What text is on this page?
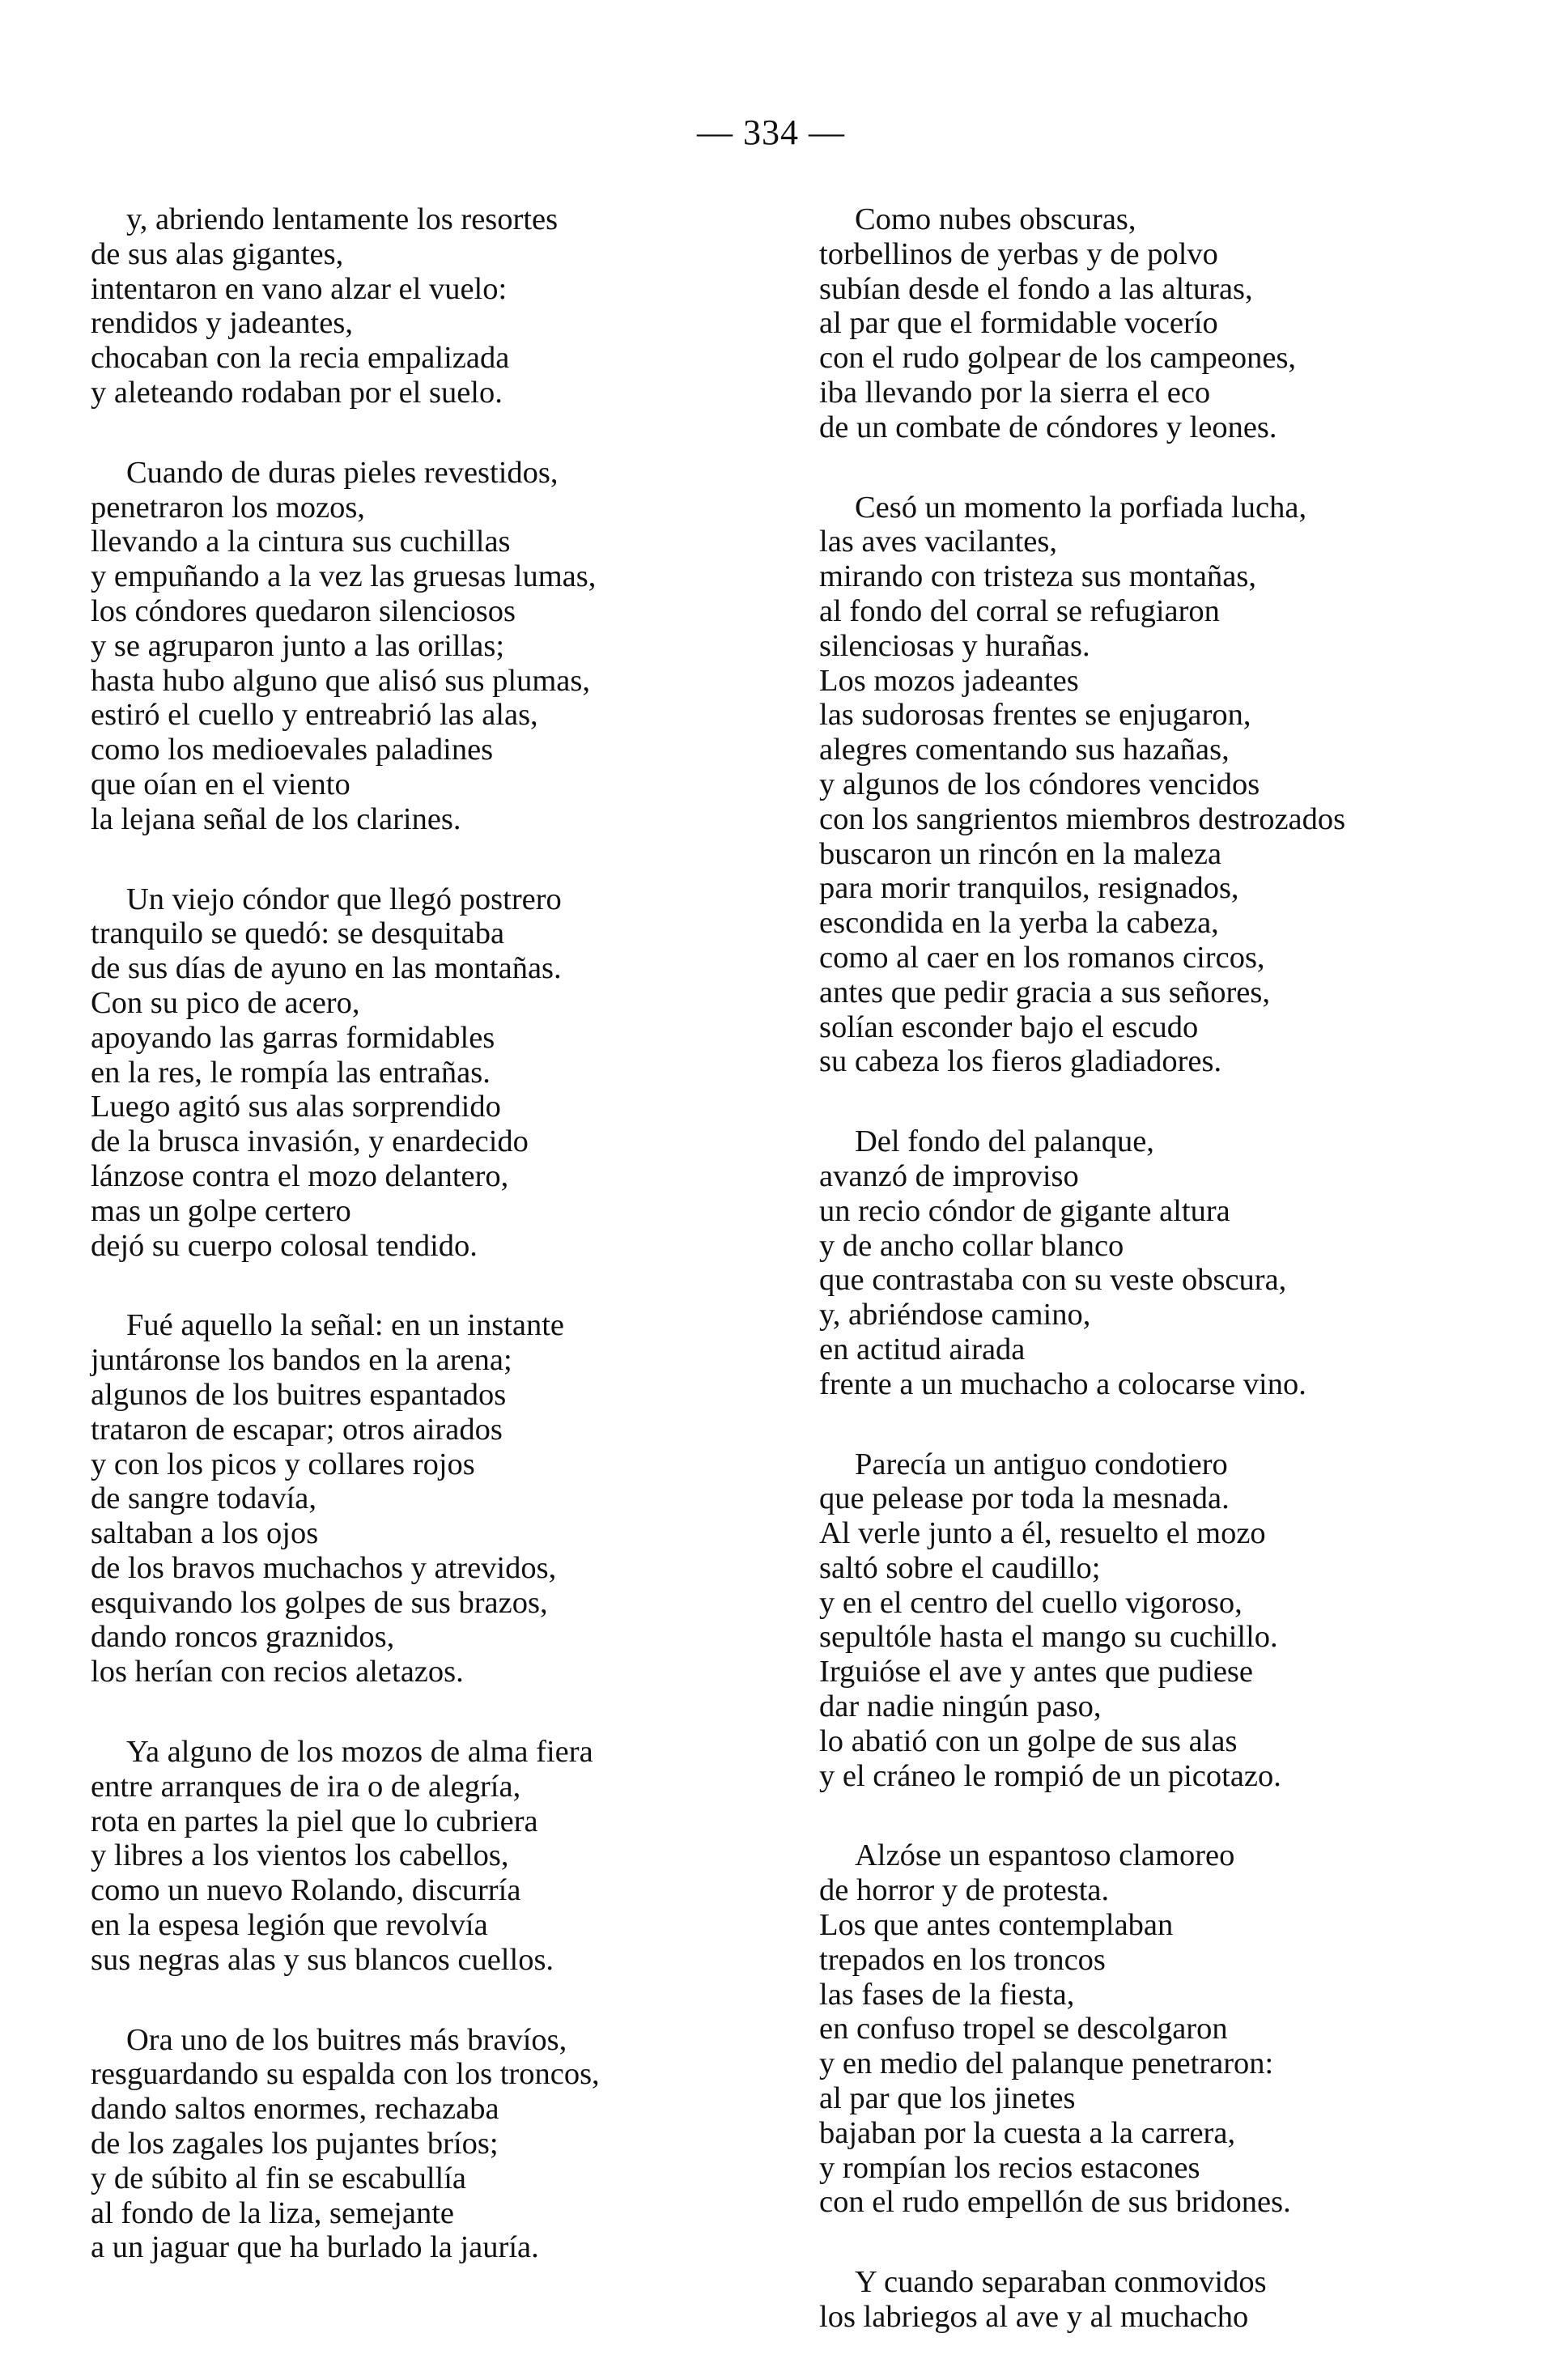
— 334 —
y, abriendo lentamente los resortes
de sus alas gigantes,
intentaron en vano alzar el vuelo:
rendidos y jadeantes,
chocaban con la recia empalizada
y aleteando rodaban por el suelo.
Cuando de duras pieles revestidos,
penetraron los mozos,
llevando a la cintura sus cuchillas
y empuñando a la vez las gruesas lumas,
los cóndores quedaron silenciosos
y se agruparon junto a las orillas;
hasta hubo alguno que alisó sus plumas,
estiró el cuello y entreabrió las alas,
como los medioevales paladines
que oían en el viento
la lejana señal de los clarines.
Un viejo cóndor que llegó postrero
tranquilo se quedó: se desquitaba
de sus días de ayuno en las montañas.
Con su pico de acero,
apoyando las garras formidables
en la res, le rompía las entrañas.
Luego agitó sus alas sorprendido
de la brusca invasión, y enardecido
lánzose contra el mozo delantero,
mas un golpe certero
dejó su cuerpo colosal tendido.
Fué aquello la señal: en un instante
juntáronse los bandos en la arena;
algunos de los buitres espantados
trataron de escapar; otros airados
y con los picos y collares rojos
de sangre todavía,
saltaban a los ojos
de los bravos muchachos y atrevidos,
esquivando los golpes de sus brazos,
dando roncos graznidos,
los herían con recios aletazos.
Ya alguno de los mozos de alma fiera
entre arranques de ira o de alegría,
rota en partes la piel que lo cubriera
y libres a los vientos los cabellos,
como un nuevo Rolando, discurría
en la espesa legión que revolvía
sus negras alas y sus blancos cuellos.
Ora uno de los buitres más bravíos,
resguardando su espalda con los troncos,
dando saltos enormes, rechazaba
de los zagales los pujantes bríos;
y de súbito al fin se escabullía
al fondo de la liza, semejante
a un jaguar que ha burlado la jauría.
Como nubes obscuras,
torbellinos de yerbas y de polvo
subían desde el fondo a las alturas,
al par que el formidable vocerío
con el rudo golpear de los campeones,
iba llevando por la sierra el eco
de un combate de cóndores y leones.
Cesó un momento la porfiada lucha,
las aves vacilantes,
mirando con tristeza sus montañas,
al fondo del corral se refugiaron
silenciosas y hurañas.
Los mozos jadeantes
las sudorosas frentes se enjugaron,
alegres comentando sus hazañas,
y algunos de los cóndores vencidos
con los sangrientos miembros destrozados
buscaron un rincón en la maleza
para morir tranquilos, resignados,
escondida en la yerba la cabeza,
como al caer en los romanos circos,
antes que pedir gracia a sus señores,
solían esconder bajo el escudo
su cabeza los fieros gladiadores.
Del fondo del palanque,
avanzó de improviso
un recio cóndor de gigante altura
y de ancho collar blanco
que contrastaba con su veste obscura,
y, abriéndose camino,
en actitud airada
frente a un muchacho a colocarse vino.
Parecía un antiguo condotiero
que pelease por toda la mesnada.
Al verle junto a él, resuelto el mozo
saltó sobre el caudillo;
y en el centro del cuello vigoroso,
sepultóle hasta el mango su cuchillo.
Irguióse el ave y antes que pudiese
dar nadie ningún paso,
lo abatió con un golpe de sus alas
y el cráneo le rompió de un picotazo.
Alzóse un espantoso clamoreo
de horror y de protesta.
Los que antes contemplaban
trepados en los troncos
las fases de la fiesta,
en confuso tropel se descolgaron
y en medio del palanque penetraron:
al par que los jinetes
bajaban por la cuesta a la carrera,
y rompían los recios estacones
con el rudo empellón de sus bridones.
Y cuando separaban conmovidos
los labriegos al ave y al muchacho
